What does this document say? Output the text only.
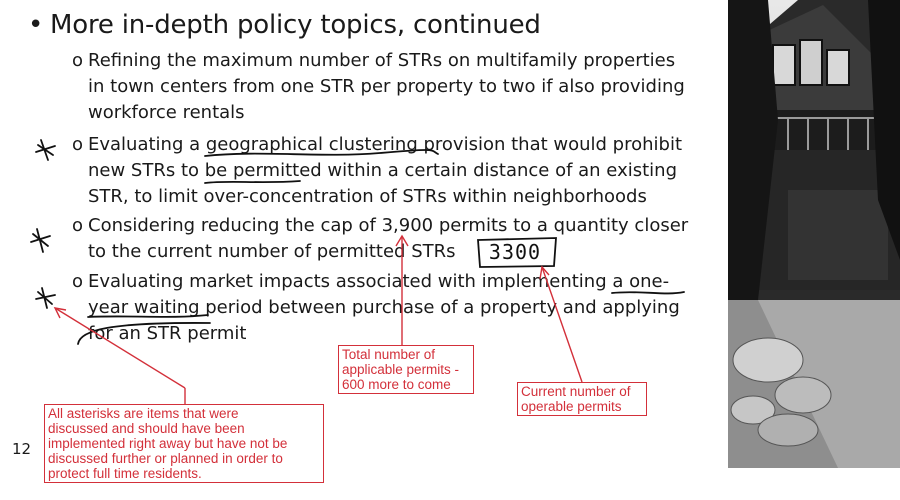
• More in-depth policy topics, continued
o Refining the maximum number of STRs on multifamily properties
in town centers from one STR per property to two if also providing
workforce rentals
o Evaluating a geographical clustering provision that would prohibit
new STRs to be permitted within a certain distance of an existing
STR, to limit over-concentration of STRs within neighborhoods
o Considering reducing the cap of 3,900 permits to a quantity closer
to the current number of permitted STRs
o Evaluating market impacts associated with implementing a one-
year waiting period between purchase of a property and applying
for an STR permit
12
3300
Total number of
applicable permits -
600 more to come	Current number of
operable permits
All asterisks are items that were
discussed and should have been
implemented right away but have not be
discussed further or planned in order to
protect full time residents.
